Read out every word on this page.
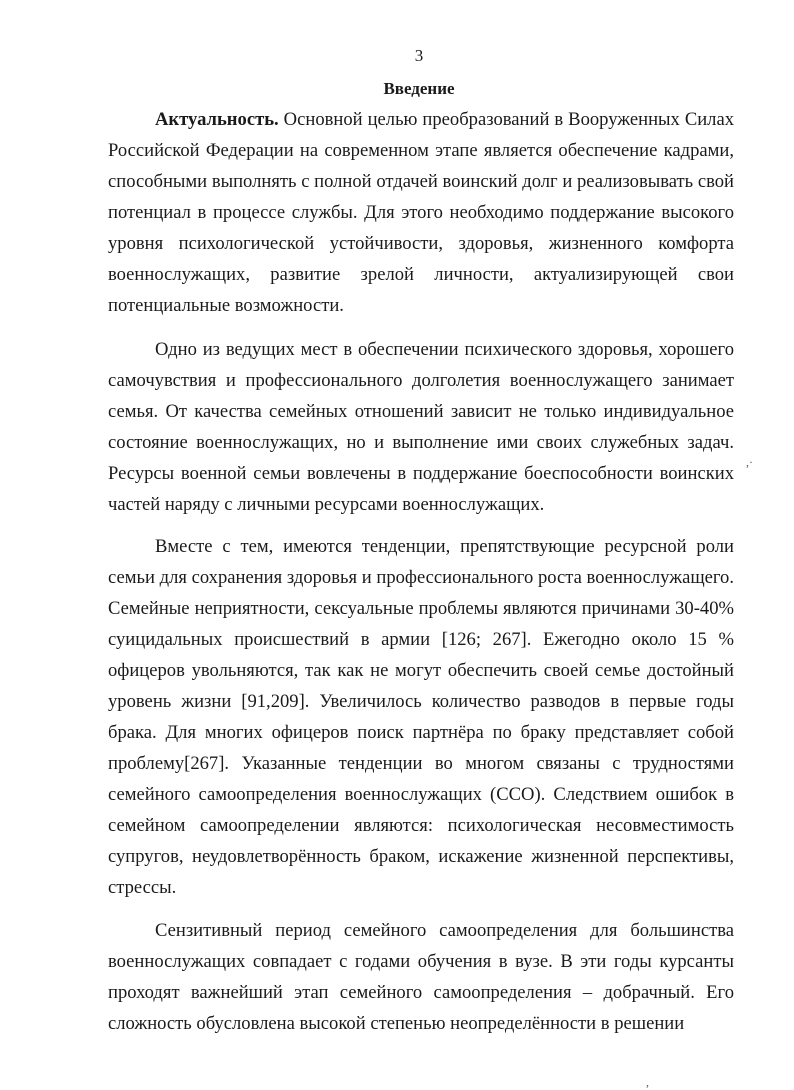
3
Введение

Актуальность. Основной целью преобразований в Вооруженных Силах Российской Федерации на современном этапе является обеспечение кадрами, способными выполнять с полной отдачей воинский долг и реализовывать свой потенциал в процессе службы. Для этого необходимо поддержание высокого уровня психологической устойчивости, здоровья, жизненного комфорта военнослужащих, развитие зрелой личности, актуализирующей свои потенциальные возможности.

Одно из ведущих мест в обеспечении психического здоровья, хорошего самочувствия и профессионального долголетия военнослужащего занимает семья. От качества семейных отношений зависит не только индивидуальное состояние военнослужащих, но и выполнение ими своих служебных задач. Ресурсы военной семьи вовлечены в поддержание боеспособности воинских частей наряду с личными ресурсами военнослужащих.

Вместе с тем, имеются тенденции, препятствующие ресурсной роли семьи для сохранения здоровья и профессионального роста военнослужащего. Семейные неприятности, сексуальные проблемы являются причинами 30-40% суицидальных происшествий в армии [126; 267]. Ежегодно около 15 % офицеров увольняются, так как не могут обеспечить своей семье достойный уровень жизни [91,209]. Увеличилось количество разводов в первые годы брака. Для многих офицеров поиск партнёра по браку представляет собой проблему[267]. Указанные тенденции во многом связаны с трудностями семейного самоопределения военнослужащих (ССО). Следствием ошибок в семейном самоопределении являются: психологическая несовместимость супругов, неудовлетворённость браком, искажение жизненной перспективы, стрессы.

Сензитивный период семейного самоопределения для большинства военнослужащих совпадает с годами обучения в вузе. В эти годы курсанты проходят важнейший этап семейного самоопределения – добрачный. Его сложность обусловлена высокой степенью неопределённости в решении

,·
,
